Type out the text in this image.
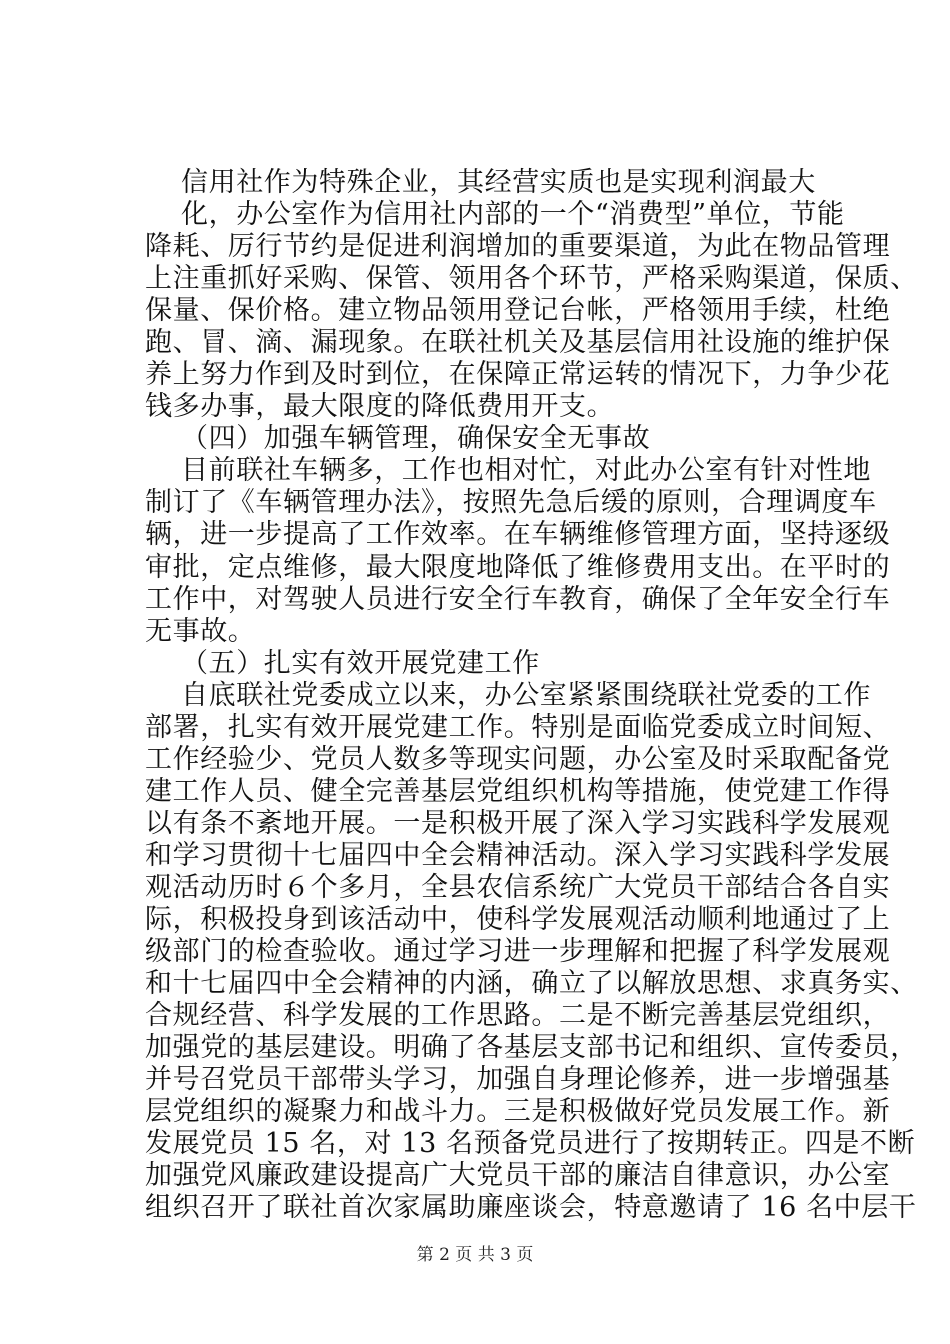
信用社作为特殊企业，其经营实质也是实现利润最大
化，办公室作为信用社内部的一个“消费型”单位，节能
降耗、厉行节约是促进利润增加的重要渠道，为此在物品管理
上注重抓好采购、保管、领用各个环节，严格采购渠道，保质、
保量、保价格。建立物品领用登记台帐，严格领用手续，杜绝
跑、冒、滴、漏现象。在联社机关及基层信用社设施的维护保
养上努力作到及时到位，在保障正常运转的情况下，力争少花
钱多办事，最大限度的降低费用开支。
（四）加强车辆管理，确保安全无事故
目前联社车辆多，工作也相对忙，对此办公室有针对性地
制订了《车辆管理办法》，按照先急后缓的原则，合理调度车
辆，进一步提高了工作效率。在车辆维修管理方面，坚持逐级
审批，定点维修，最大限度地降低了维修费用支出。在平时的
工作中，对驾驶人员进行安全行车教育，确保了全年安全行车
无事故。
（五）扎实有效开展党建工作
自底联社党委成立以来，办公室紧紧围绕联社党委的工作
部署，扎实有效开展党建工作。特别是面临党委成立时间短、
工作经验少、党员人数多等现实问题，办公室及时采取配备党
建工作人员、健全完善基层党组织机构等措施，使党建工作得
以有条不紊地开展。一是积极开展了深入学习实践科学发展观
和学习贯彻十七届四中全会精神活动。深入学习实践科学发展
观活动历时６个多月，全县农信系统广大党员干部结合各自实
际，积极投身到该活动中，使科学发展观活动顺利地通过了上
级部门的检查验收。通过学习进一步理解和把握了科学发展观
和十七届四中全会精神的内涵，确立了以解放思想、求真务实、
合规经营、科学发展的工作思路。二是不断完善基层党组织，
加强党的基层建设。明确了各基层支部书记和组织、宣传委员，
并号召党员干部带头学习，加强自身理论修养，进一步增强基
层党组织的凝聚力和战斗力。三是积极做好党员发展工作。新
发展党员 15 名，对 13 名预备党员进行了按期转正。四是不断
加强党风廉政建设提高广大党员干部的廉洁自律意识，办公室
组织召开了联社首次家属助廉座谈会，特意邀请了 16 名中层干
第 2 页 共 3 页
